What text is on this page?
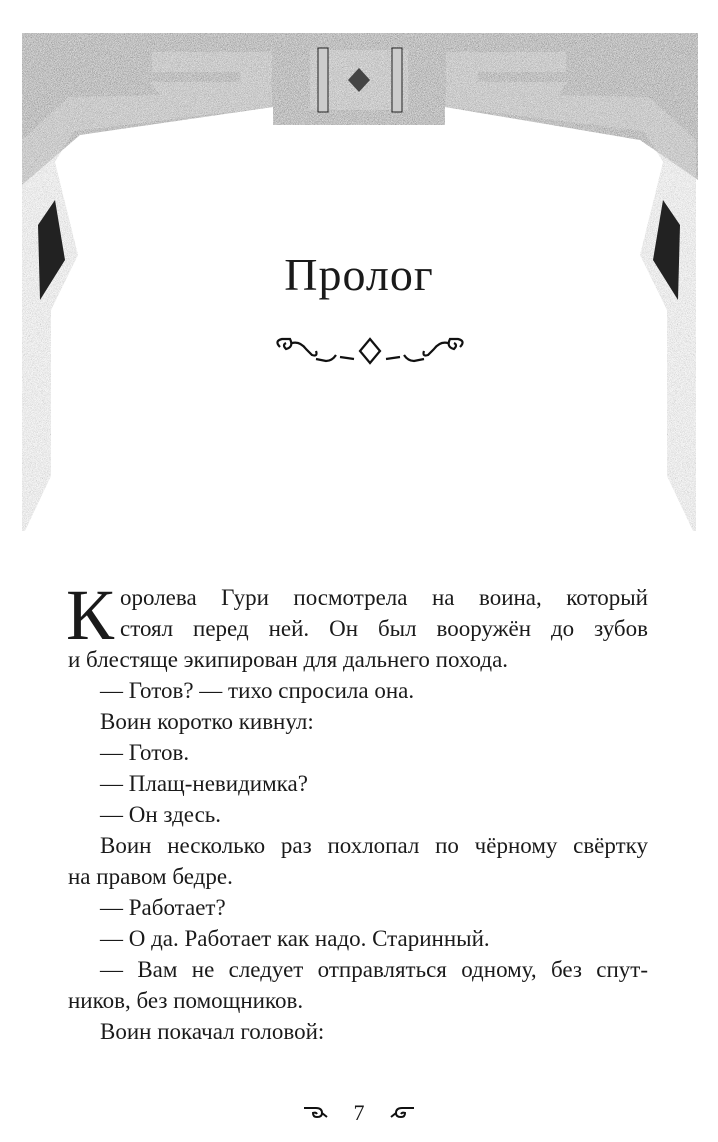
Пролог
К оролева Гури посмотрела на воина, который
стоял перед ней. Он был вооружён до зубов
и блестяще экипирован для дальнего похода.
— Готов? — тихо спросила она.
Воин коротко кивнул:
— Готов.
— Плащ-невидимка?
— Он здесь.
Воин несколько раз похлопал по чёрному свёртку
на правом бедре.
— Работает?
— О да. Работает как надо. Старинный.
— Вам не следует отправляться одному, без спут-
ников, без помощников.
Воин покачал головой:
7
